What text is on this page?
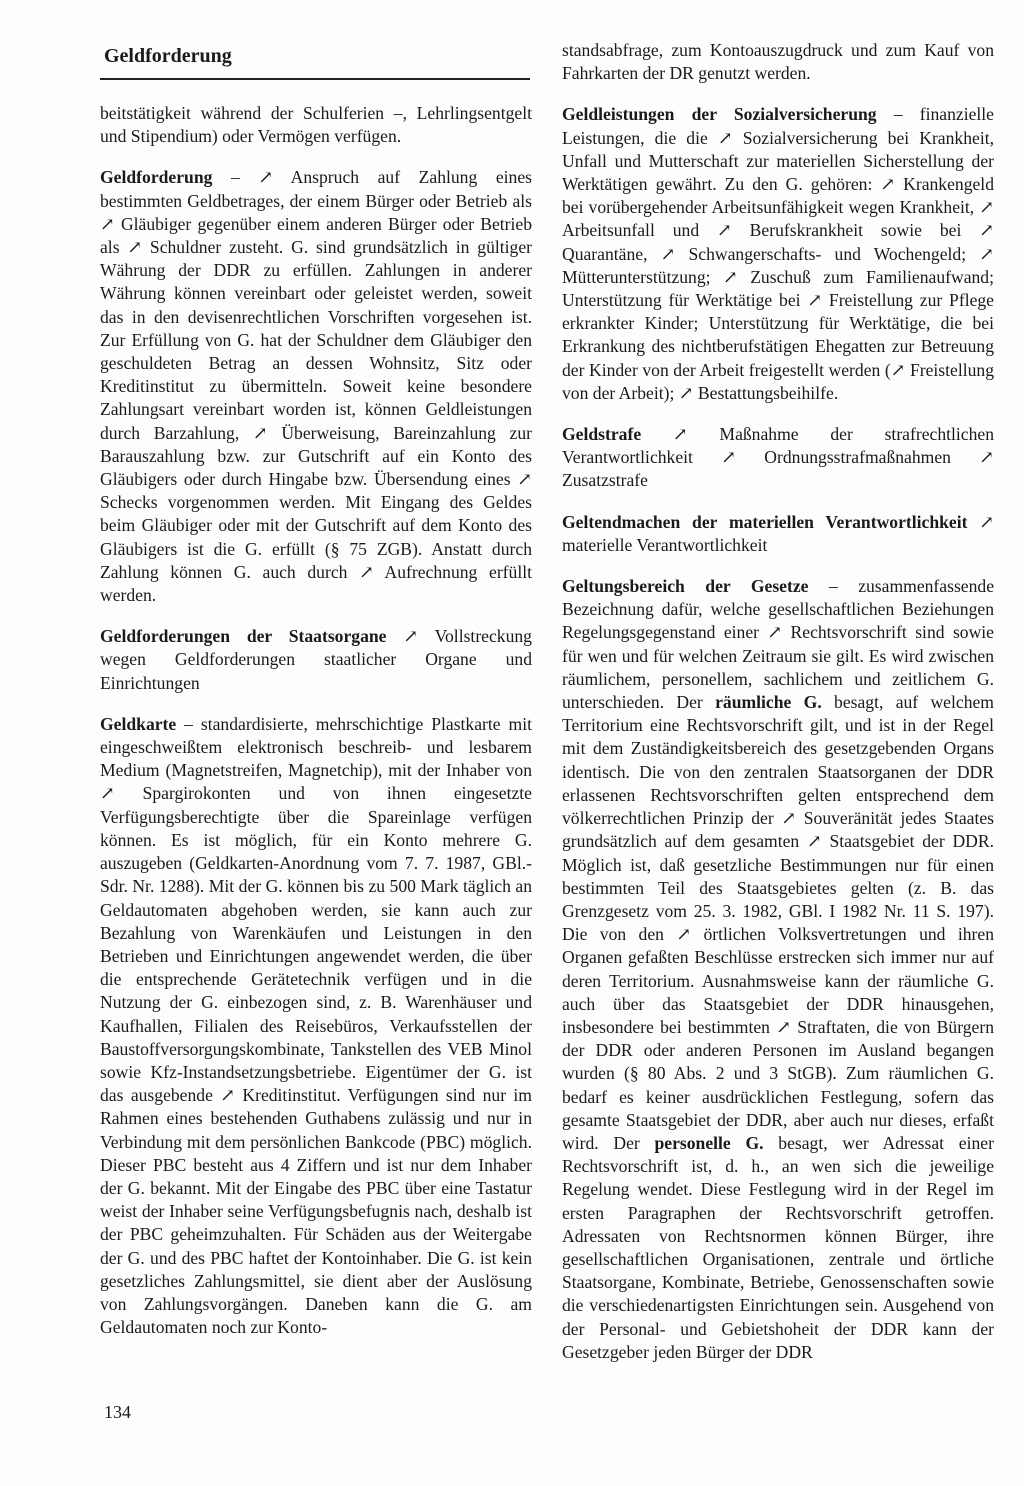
Geldforderung

beitstätigkeit während der Schulferien –, Lehrlingsentgelt und Stipendium) oder Vermögen verfügen.

Geldforderung – ↗ Anspruch auf Zahlung eines bestimmten Geldbetrages, der einem Bürger oder Betrieb als ↗ Gläubiger gegenüber einem anderen Bürger oder Betrieb als ↗ Schuldner zusteht. G. sind grundsätzlich in gültiger Währung der DDR zu erfüllen. Zahlungen in anderer Währung können vereinbart oder geleistet werden, soweit das in den devisenrechtlichen Vorschriften vorgesehen ist. Zur Erfüllung von G. hat der Schuldner dem Gläubiger den geschuldeten Betrag an dessen Wohnsitz, Sitz oder Kreditinstitut zu übermitteln. Soweit keine besondere Zahlungsart vereinbart worden ist, können Geldleistungen durch Barzahlung, ↗ Überweisung, Bareinzahlung zur Barauszahlung bzw. zur Gutschrift auf ein Konto des Gläubigers oder durch Hingabe bzw. Übersendung eines ↗ Schecks vorgenommen werden. Mit Eingang des Geldes beim Gläubiger oder mit der Gutschrift auf dem Konto des Gläubigers ist die G. erfüllt (§ 75 ZGB). Anstatt durch Zahlung können G. auch durch ↗ Aufrechnung erfüllt werden.

Geldforderungen der Staatsorgane ↗ Vollstreckung wegen Geldforderungen staatlicher Organe und Einrichtungen

Geldkarte – standardisierte, mehrschichtige Plastkarte mit eingeschweißtem elektronisch beschreib- und lesbarem Medium (Magnetstreifen, Magnetchip), mit der Inhaber von ↗ Spargirokonten und von ihnen eingesetzte Verfügungsberechtigte über die Spareinlage verfügen können. Es ist möglich, für ein Konto mehrere G. auszugeben (Geldkarten-Anordnung vom 7. 7. 1987, GBl.-Sdr. Nr. 1288). Mit der G. können bis zu 500 Mark täglich an Geldautomaten abgehoben werden, sie kann auch zur Bezahlung von Warenkäufen und Leistungen in den Betrieben und Einrichtungen angewendet werden, die über die entsprechende Gerätetechnik verfügen und in die Nutzung der G. einbezogen sind, z. B. Warenhäuser und Kaufhallen, Filialen des Reisebüros, Verkaufsstellen der Baustoffversorgungskombinate, Tankstellen des VEB Minol sowie Kfz-Instandsetzungsbetriebe. Eigentümer der G. ist das ausgebende ↗ Kreditinstitut. Verfügungen sind nur im Rahmen eines bestehenden Guthabens zulässig und nur in Verbindung mit dem persönlichen Bankcode (PBC) möglich. Dieser PBC besteht aus 4 Ziffern und ist nur dem Inhaber der G. bekannt. Mit der Eingabe des PBC über eine Tastatur weist der Inhaber seine Verfügungsbefugnis nach, deshalb ist der PBC geheimzuhalten. Für Schäden aus der Weitergabe der G. und des PBC haftet der Kontoinhaber. Die G. ist kein gesetzliches Zahlungsmittel, sie dient aber der Auslösung von Zahlungsvorgängen. Daneben kann die G. am Geldautomaten noch zur Konto-

standsabfrage, zum Kontoauszugdruck und zum Kauf von Fahrkarten der DR genutzt werden.

Geldleistungen der Sozialversicherung – finanzielle Leistungen, die die ↗ Sozialversicherung bei Krankheit, Unfall und Mutterschaft zur materiellen Sicherstellung der Werktätigen gewährt. Zu den G. gehören: ↗ Krankengeld bei vorübergehender Arbeitsunfähigkeit wegen Krankheit, ↗ Arbeitsunfall und ↗ Berufskrankheit sowie bei ↗ Quarantäne, ↗ Schwangerschafts- und Wochengeld; ↗ Mütterunterstützung; ↗ Zuschuß zum Familienaufwand; Unterstützung für Werktätige bei ↗ Freistellung zur Pflege erkrankter Kinder; Unterstützung für Werktätige, die bei Erkrankung des nichtberufstätigen Ehegatten zur Betreuung der Kinder von der Arbeit freigestellt werden (↗ Freistellung von der Arbeit); ↗ Bestattungsbeihilfe.

Geldstrafe ↗ Maßnahme der strafrechtlichen Verantwortlichkeit ↗ Ordnungsstrafmaßnahmen ↗ Zusatzstrafe

Geltendmachen der materiellen Verantwortlichkeit ↗ materielle Verantwortlichkeit

Geltungsbereich der Gesetze – zusammenfassende Bezeichnung dafür, welche gesellschaftlichen Beziehungen Regelungsgegenstand einer ↗ Rechtsvorschrift sind sowie für wen und für welchen Zeitraum sie gilt. Es wird zwischen räumlichem, personellem, sachlichem und zeitlichem G. unterschieden. Der räumliche G. besagt, auf welchem Territorium eine Rechtsvorschrift gilt, und ist in der Regel mit dem Zuständigkeitsbereich des gesetzgebenden Organs identisch. Die von den zentralen Staatsorganen der DDR erlassenen Rechtsvorschriften gelten entsprechend dem völkerrechtlichen Prinzip der ↗ Souveränität jedes Staates grundsätzlich auf dem gesamten ↗ Staatsgebiet der DDR. Möglich ist, daß gesetzliche Bestimmungen nur für einen bestimmten Teil des Staatsgebietes gelten (z. B. das Grenzgesetz vom 25. 3. 1982, GBl. I 1982 Nr. 11 S. 197). Die von den ↗ örtlichen Volksvertretungen und ihren Organen gefaßten Beschlüsse erstrecken sich immer nur auf deren Territorium. Ausnahmsweise kann der räumliche G. auch über das Staatsgebiet der DDR hinausgehen, insbesondere bei bestimmten ↗ Straftaten, die von Bürgern der DDR oder anderen Personen im Ausland begangen wurden (§ 80 Abs. 2 und 3 StGB). Zum räumlichen G. bedarf es keiner ausdrücklichen Festlegung, sofern das gesamte Staatsgebiet der DDR, aber auch nur dieses, erfaßt wird. Der personelle G. besagt, wer Adressat einer Rechtsvorschrift ist, d. h., an wen sich die jeweilige Regelung wendet. Diese Festlegung wird in der Regel im ersten Paragraphen der Rechtsvorschrift getroffen. Adressaten von Rechtsnormen können Bürger, ihre gesellschaftlichen Organisationen, zentrale und örtliche Staatsorgane, Kombinate, Betriebe, Genossenschaften sowie die verschiedenartigsten Einrichtungen sein. Ausgehend von der Personal- und Gebietshoheit der DDR kann der Gesetzgeber jeden Bürger der DDR

134
